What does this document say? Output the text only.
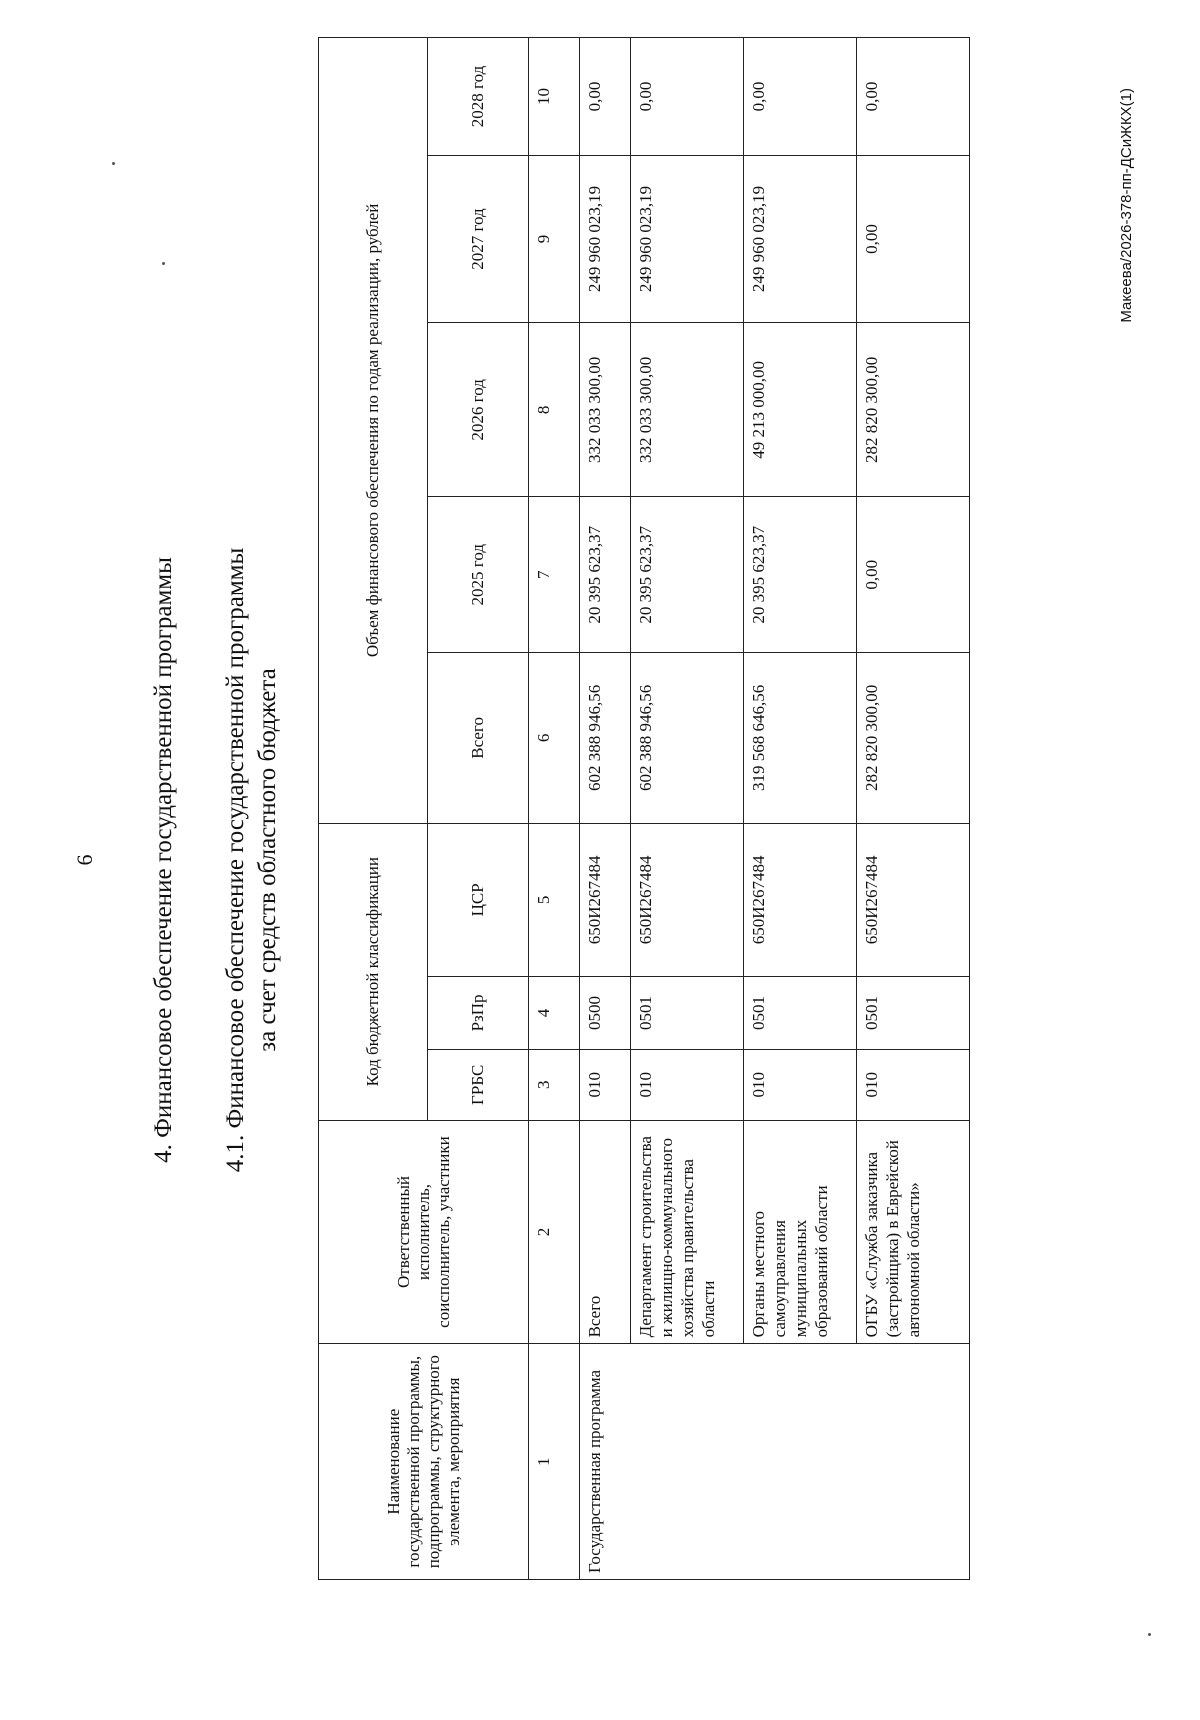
6 4. Финансовое обеспечение государственной программы 4.1. Финансовое обеспечение государственной программы за счет средств областного бюджета
Наименование государственной программы, подпрограммы, структурного элемента, мероприятия	Ответственный исполнитель, соисполнитель, участники	Код бюджетной классификации			Объем финансового обеспечения по годам реализации, рублей				
		ГРБС	РзПр	ЦСР	Всего	2025 год	2026 год	2027 год	2028 год
1	2	3	4	5	6	7	8	9	10
Государственная программа	Всего	010	0500	650И267484	602 388 946,56	20 395 623,37	332 033 300,00	249 960 023,19	0,00
	Департамент строительства и жилищно-коммунального хозяйства правительства области	010	0501	650И267484	602 388 946,56	20 395 623,37	332 033 300,00	249 960 023,19	0,00
	Органы местного самоуправления муниципальных образований области	010	0501	650И267484	319 568 646,56	20 395 623,37	49 213 000,00	249 960 023,19	0,00
	ОГБУ «Служба заказчика (застройщика) в Еврейской автономной области»	010	0501	650И267484	282 820 300,00	0,00	282 820 300,00	0,00	0,00	Макеева/2026-378-пп-ДСиЖКХ(1)
